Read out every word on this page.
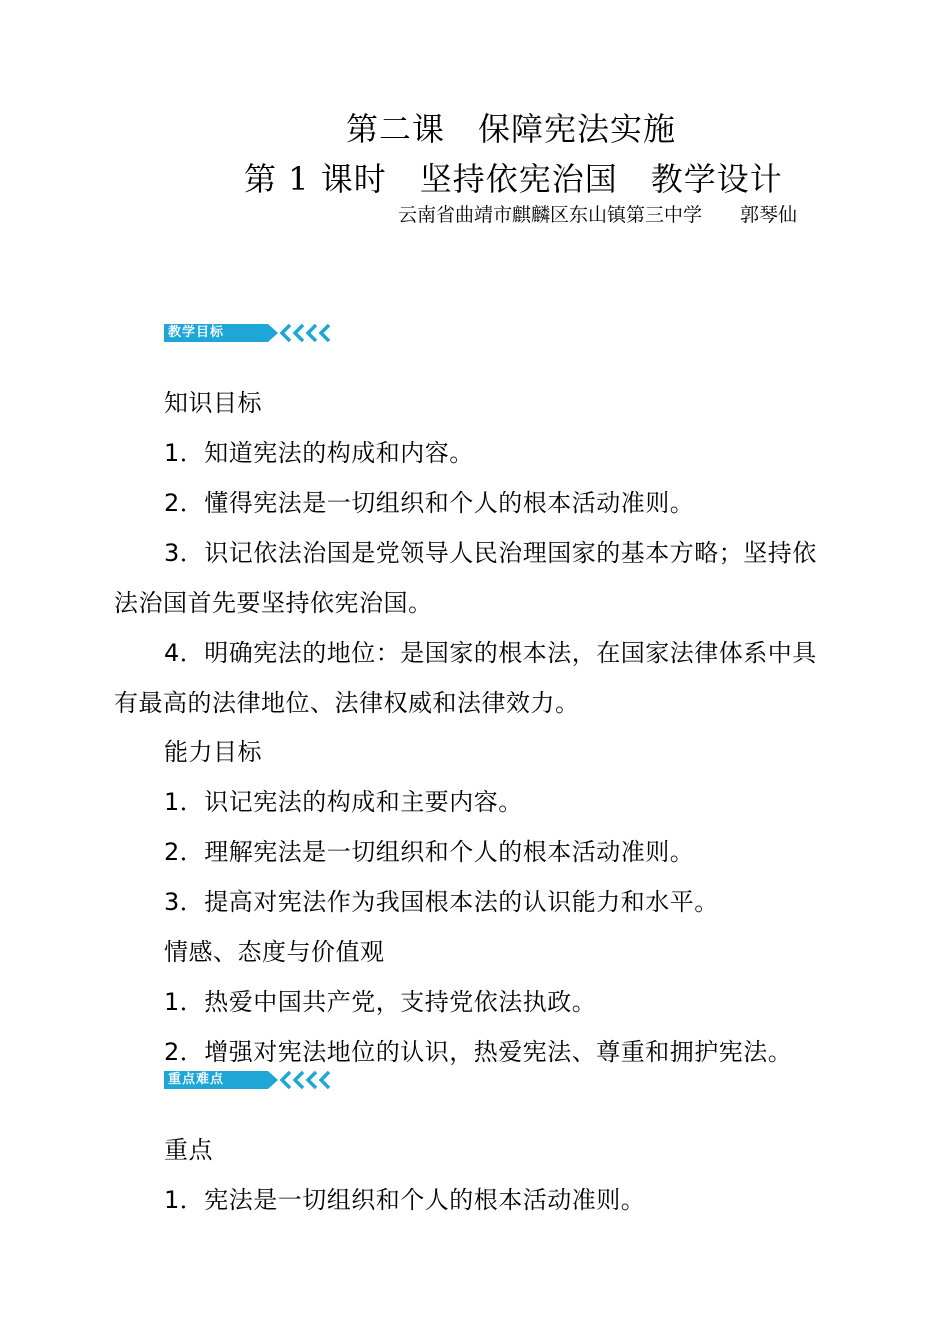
第二课　保障宪法实施
第 1 课时　坚持依宪治国　教学设计
云南省曲靖市麒麟区东山镇第三中学　　郭琴仙
教学目标
知识目标
1．知道宪法的构成和内容。
2．懂得宪法是一切组织和个人的根本活动准则。
3．识记依法治国是党领导人民治理国家的基本方略；坚持依
法治国首先要坚持依宪治国。
4．明确宪法的地位：是国家的根本法，在国家法律体系中具
有最高的法律地位、法律权威和法律效力。
能力目标
1．识记宪法的构成和主要内容。
2．理解宪法是一切组织和个人的根本活动准则。
3．提高对宪法作为我国根本法的认识能力和水平。
情感、态度与价值观
1．热爱中国共产党，支持党依法执政。
2．增强对宪法地位的认识，热爱宪法、尊重和拥护宪法。
重点难点
重点
1．宪法是一切组织和个人的根本活动准则。
